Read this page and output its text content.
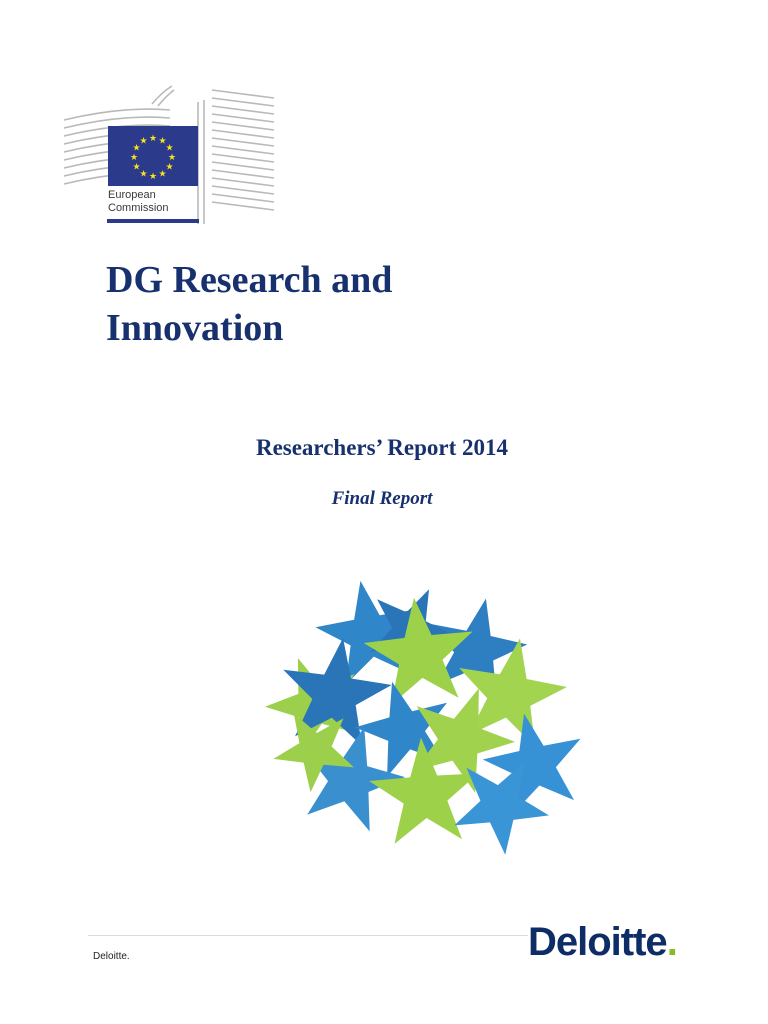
★ ★
★
★
★
★
★
★
★
★
★
★
European
Commission
DG Research and
Innovation
Researchers’ Report 2014
Final Report
Deloitte.	Deloitte.
